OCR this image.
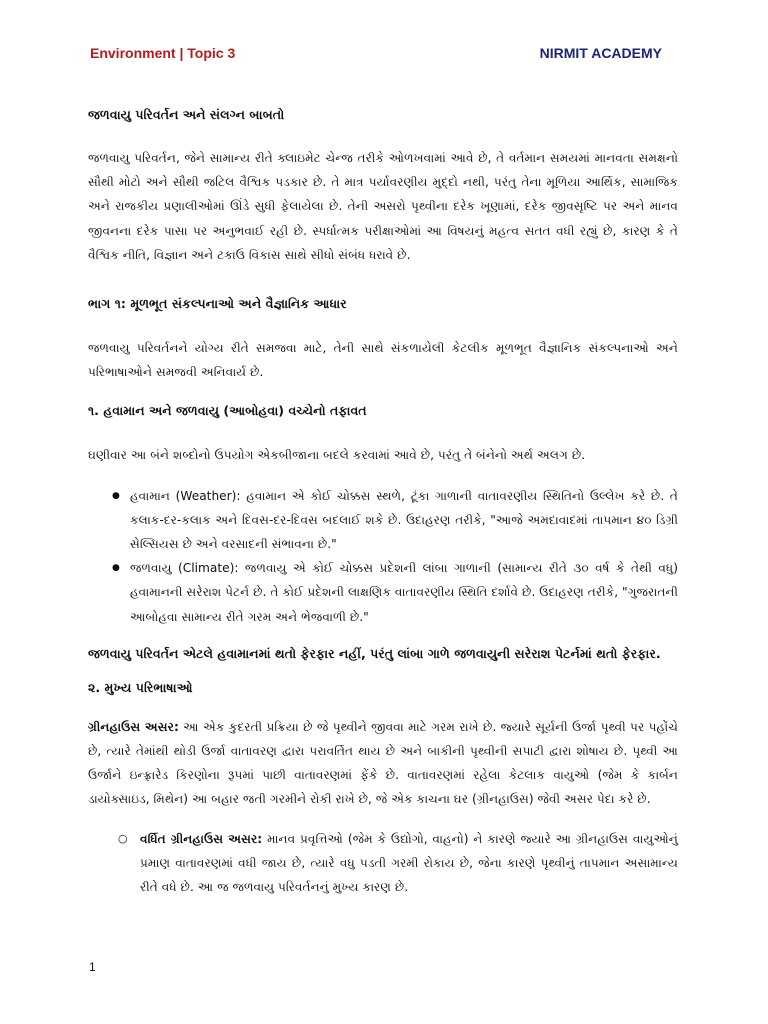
Environment | Topic 3	NIRMIT ACADEMY
જળવાયુ પરિવર્તન અને સંલગ્ન બાબતો

જળવાયુ પરિવર્તન, જેને સામાન્ય રીતે ક્લાઇમેટ ચેન્જ તરીકે ઓળખવામાં આવે છે, તે વર્તમાન સમયમાં માનવતા સમક્ષનો સૌથી મોટો અને સૌથી જટિલ વૈશ્વિક પડકાર છે. તે માત્ર પર્યાવરણીય મુદ્દો નથી, પરંતુ તેના મૂળિયા આર્થિક, સામાજિક અને રાજકીય પ્રણાલીઓમાં ઊંડે સુધી ફેલાયેલા છે. તેની અસરો પૃથ્વીના દરેક ખૂણામાં, દરેક જીવસૃષ્ટિ પર અને માનવ જીવનના દરેક પાસા પર અનુભવાઈ રહી છે. સ્પર્ધાત્મક પરીક્ષાઓમાં આ વિષયનું મહત્વ સતત વધી રહ્યું છે, કારણ કે તે વૈશ્વિક નીતિ, વિજ્ઞાન અને ટકાઉ વિકાસ સાથે સીધો સંબંધ ધરાવે છે.

ભાગ ૧: મૂળભૂત સંકલ્પનાઓ અને વૈજ્ઞાનિક આધાર

જળવાયુ પરિવર્તનને યોગ્ય રીતે સમજવા માટે, તેની સાથે સંકળાયેલી કેટલીક મૂળભૂત વૈજ્ઞાનિક સંકલ્પનાઓ અને પરિભાષાઓને સમજવી અનિવાર્ય છે.

૧. હવામાન અને જળવાયુ (આબોહવા) વચ્ચેનો તફાવત

ઘણીવાર આ બંને શબ્દોનો ઉપયોગ એકબીજાના બદલે કરવામાં આવે છે, પરંતુ તે બંનેનો અર્થ અલગ છે.

● હવામાન (Weather): હવામાન એ કોઈ ચોક્કસ સ્થળે, ટૂંકા ગાળાની વાતાવરણીય સ્થિતિનો ઉલ્લેખ કરે છે. તે કલાક-દર-કલાક અને દિવસ-દર-દિવસ બદલાઈ શકે છે. ઉદાહરણ તરીકે, "આજે અમદાવાદમાં તાપમાન ૪૦ ડિગ્રી સેલ્સિયસ છે અને વરસાદની સંભાવના છે."
● જળવાયુ (Climate): જળવાયુ એ કોઈ ચોક્કસ પ્રદેશની લાંબા ગાળાની (સામાન્ય રીતે ૩૦ વર્ષ કે તેથી વધુ) હવામાનની સરેરાશ પેટર્ન છે. તે કોઈ પ્રદેશની લાક્ષણિક વાતાવરણીય સ્થિતિ દર્શાવે છે. ઉદાહરણ તરીકે, "ગુજરાતની આબોહવા સામાન્ય રીતે ગરમ અને ભેજવાળી છે."
જળવાયુ પરિવર્તન એટલે હવામાનમાં થતો ફેરફાર નહીં, પરંતુ લાંબા ગાળે જળવાયુની સરેરાશ પેટર્નમાં થતો ફેરફાર.
૨. મુખ્ય પરિભાષાઓ

ગ્રીનહાઉસ અસર: આ એક કુદરતી પ્રક્રિયા છે જે પૃથ્વીને જીવવા માટે ગરમ રાખે છે. જ્યારે સૂર્યની ઉર્જા પૃથ્વી પર પહોંચે છે, ત્યારે તેમાંથી થોડી ઉર્જા વાતાવરણ દ્વારા પરાવર્તિત થાય છે અને બાકીની પૃથ્વીની સપાટી દ્વારા શોષાય છે. પૃથ્વી આ ઉર્જાને ઇન્ફ્રારેડ કિરણોના રૂપમાં પાછી વાતાવરણમાં ફેંકે છે. વાતાવરણમાં રહેલા કેટલાક વાયુઓ (જેમ કે કાર્બન ડાયોક્સાઇડ, મિથેન) આ બહાર જતી ગરમીને રોકી રાખે છે, જે એક કાચના ઘર (ગ્રીનહાઉસ) જેવી અસર પેદા કરે છે.

○ વર્ધિત ગ્રીનહાઉસ અસર: માનવ પ્રવૃત્તિઓ (જેમ કે ઉદ્યોગો, વાહનો) ને કારણે જ્યારે આ ગ્રીનહાઉસ વાયુઓનું પ્રમાણ વાતાવરણમાં વધી જાય છે, ત્યારે વધુ પડતી ગરમી રોકાય છે, જેના કારણે પૃથ્વીનું તાપમાન અસામાન્ય રીતે વધે છે. આ જ જળવાયુ પરિવર્તનનું મુખ્ય કારણ છે.
1
